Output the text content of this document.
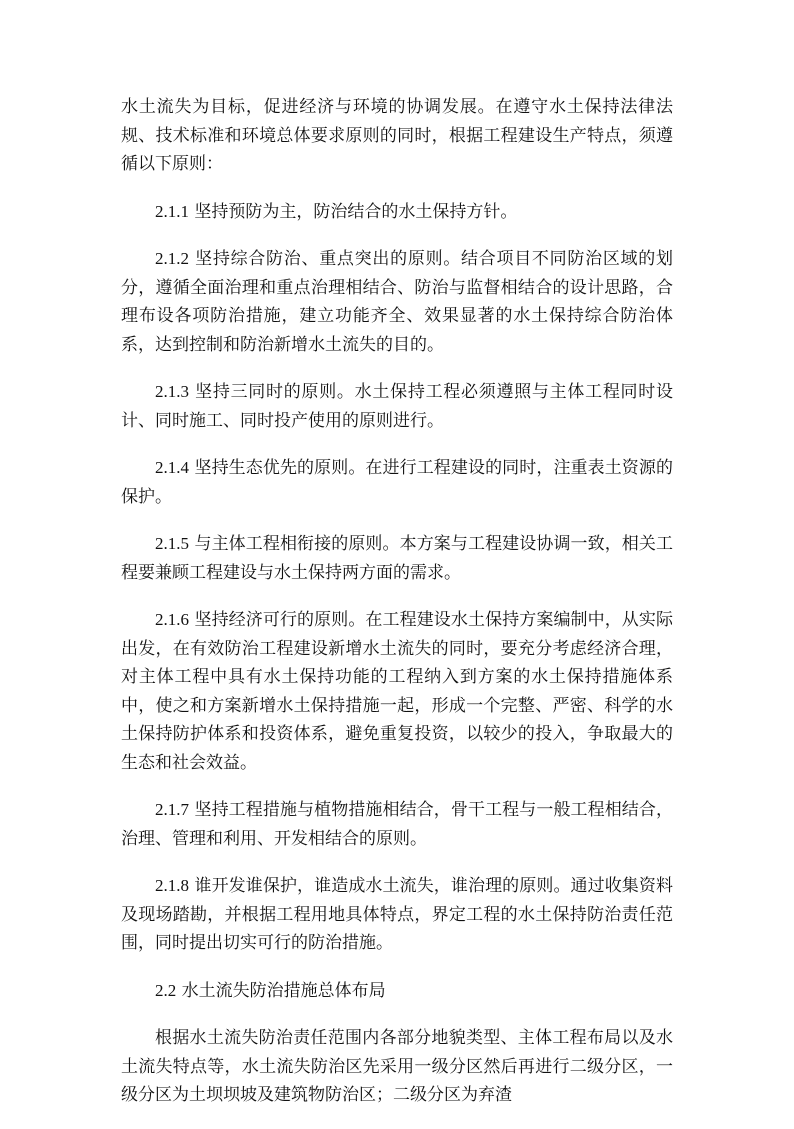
水土流失为目标，促进经济与环境的协调发展。在遵守水土保持法律法规、技术标准和环境总体要求原则的同时，根据工程建设生产特点，须遵循以下原则：

2.1.1 坚持预防为主，防治结合的水土保持方针。

2.1.2 坚持综合防治、重点突出的原则。结合项目不同防治区域的划分，遵循全面治理和重点治理相结合、防治与监督相结合的设计思路，合理布设各项防治措施，建立功能齐全、效果显著的水土保持综合防治体系，达到控制和防治新增水土流失的目的。

2.1.3 坚持三同时的原则。水土保持工程必须遵照与主体工程同时设计、同时施工、同时投产使用的原则进行。

2.1.4 坚持生态优先的原则。在进行工程建设的同时，注重表土资源的保护。

2.1.5 与主体工程相衔接的原则。本方案与工程建设协调一致，相关工程要兼顾工程建设与水土保持两方面的需求。

2.1.6 坚持经济可行的原则。在工程建设水土保持方案编制中，从实际出发，在有效防治工程建设新增水土流失的同时，要充分考虑经济合理，对主体工程中具有水土保持功能的工程纳入到方案的水土保持措施体系中，使之和方案新增水土保持措施一起，形成一个完整、严密、科学的水土保持防护体系和投资体系，避免重复投资，以较少的投入，争取最大的生态和社会效益。

2.1.7 坚持工程措施与植物措施相结合，骨干工程与一般工程相结合，治理、管理和利用、开发相结合的原则。

2.1.8 谁开发谁保护，谁造成水土流失，谁治理的原则。通过收集资料及现场踏勘，并根据工程用地具体特点，界定工程的水土保持防治责任范围，同时提出切实可行的防治措施。

2.2 水土流失防治措施总体布局

根据水土流失防治责任范围内各部分地貌类型、主体工程布局以及水土流失特点等，水土流失防治区先采用一级分区然后再进行二级分区，一级分区为土坝坝坡及建筑物防治区；二级分区为弃渣
